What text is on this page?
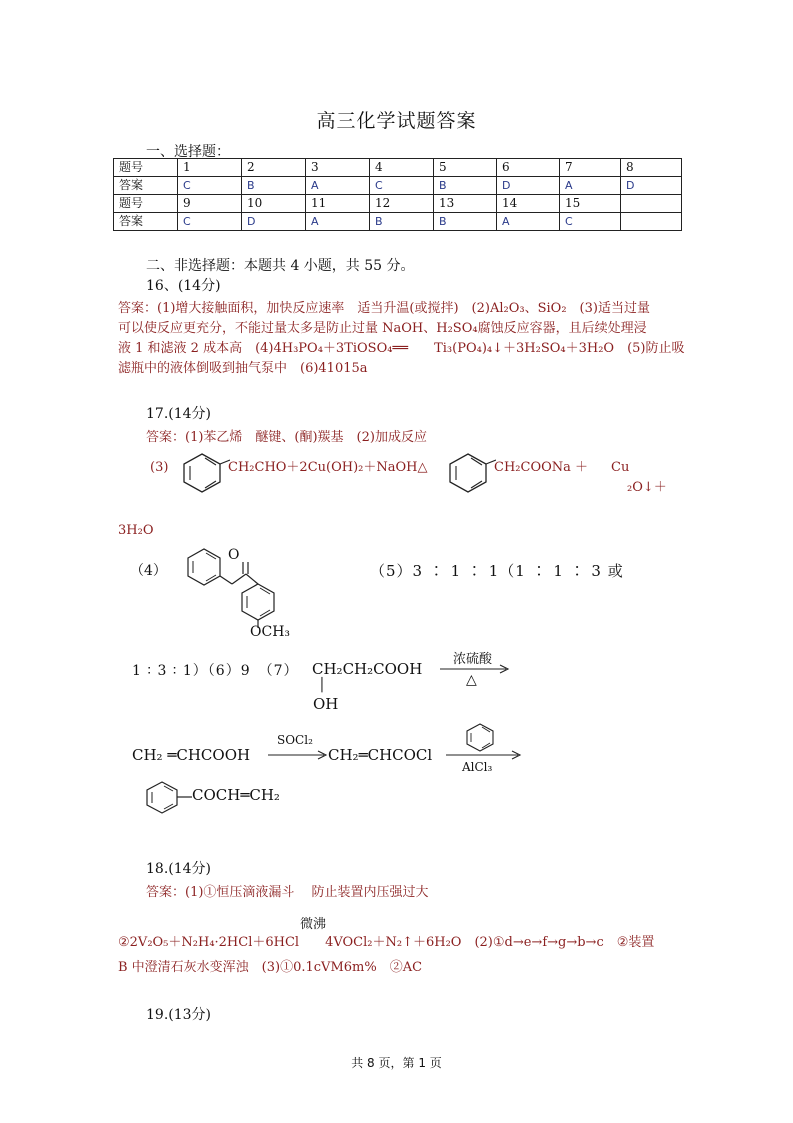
高三化学试题答案
一、选择题：
题号	1	2	3	4	5	6	7	8
答案	C	B	A	C	B	D	A	D
题号	9	10	11	12	13	14	15	
答案	C	D	A	B	B	A	C	
二、非选择题：本题共 4 小题，共 55 分。
16、(14分)
答案：(1)增大接触面积，加快反应速率　适当升温(或搅拌)　(2)Al₂O₃、SiO₂　(3)适当过量
可以使反应更充分，不能过量太多是防止过量 NaOH、H₂SO₄腐蚀反应容器，且后续处理浸
液 1 和滤液 2 成本高　(4)4H₃PO₄＋3TiOSO₄══　　Ti₃(PO₄)₄↓＋3H₂SO₄＋3H₂O　(5)防止吸
滤瓶中的液体倒吸到抽气泵中　(6)41015a
17.(14分)
答案：(1)苯乙烯　醚键、(酮)羰基　(2)加成反应
(3)	CH₂CHO＋2Cu(OH)₂＋NaOH△	CH₂COONa ＋ Cu
₂O↓＋
3H₂O
（4）
O
OCH₃
（5）3 ∶ 1 ∶ 1（1 ∶ 1 ∶ 3 或
1 ∶ 3 ∶ 1）（6）9　（7） CH₂CH₂COOH
│
OH
浓硫酸
△
CH₂ ═CHCOOH
SOCl₂
CH₂═CHCOCl
AlCl₃
COCH═CH₂
18.(14分)
答案：(1)①恒压滴液漏斗　 防止装置内压强过大
微沸
②2V₂O₅＋N₂H₄·2HCl＋6HCl　　4VOCl₂＋N₂↑＋6H₂O　(2)①d→e→f→g→b→c　②装置
B 中澄清石灰水变浑浊　(3)①0.1cVM6m%　②AC
19.(13分)
共 8 页，第 1 页
